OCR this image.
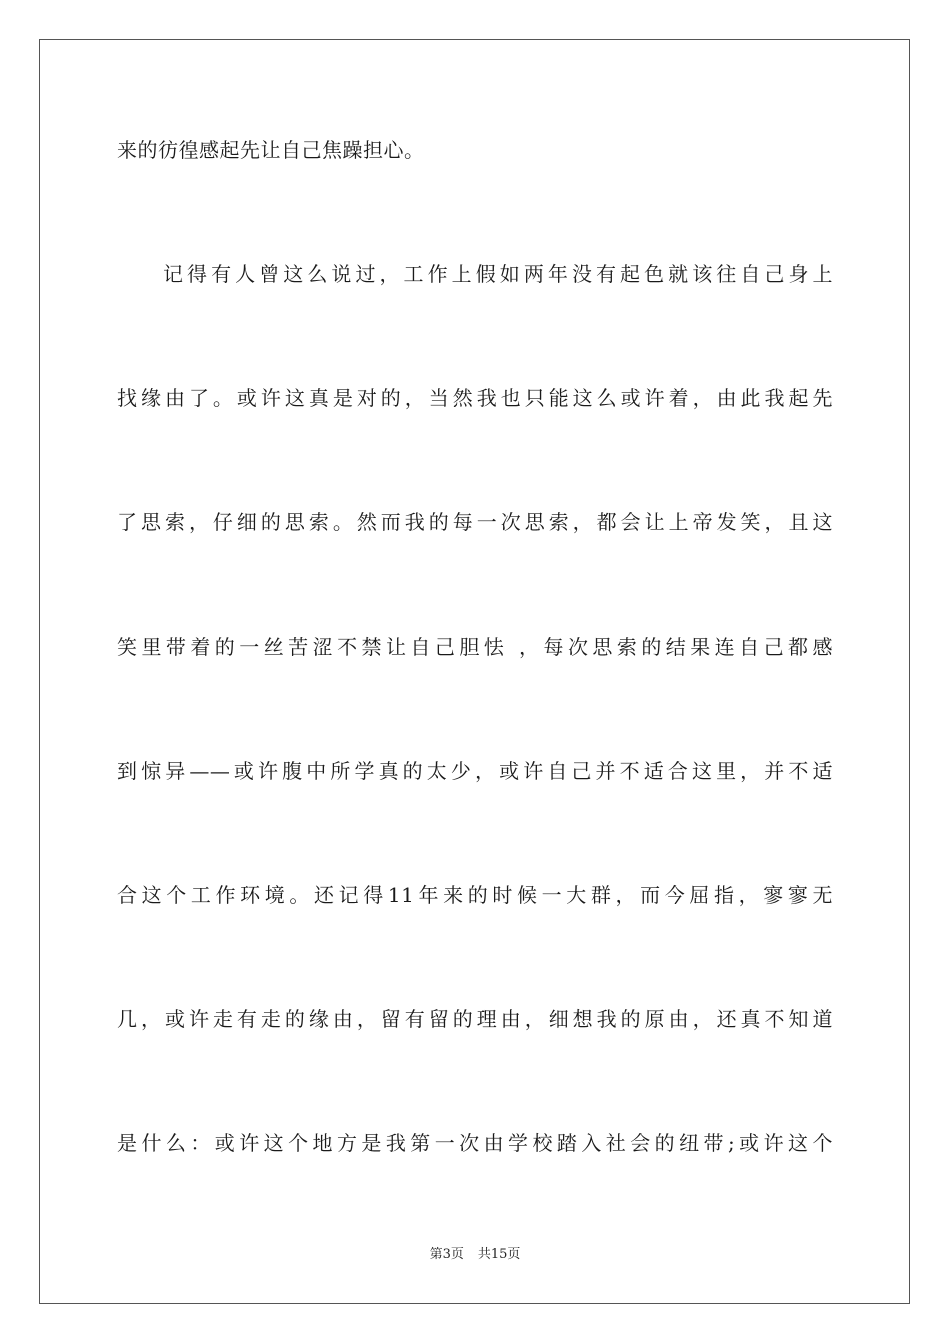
来的彷徨感起先让自己焦躁担心。
记得有人曾这么说过，工作上假如两年没有起色就该往自己身上
找缘由了。或许这真是对的，当然我也只能这么或许着，由此我起先
了思索，仔细的思索。然而我的每一次思索，都会让上帝发笑，且这
笑里带着的一丝苦涩不禁让自己胆怯 ，每次思索的结果连自己都感
到惊异——或许腹中所学真的太少，或许自己并不适合这里，并不适
合这个工作环境。还记得11年来的时候一大群，而今屈指，寥寥无
几，或许走有走的缘由，留有留的理由，细想我的原由，还真不知道
是什么：或许这个地方是我第一次由学校踏入社会的纽带;或许这个
第3页 共15页
